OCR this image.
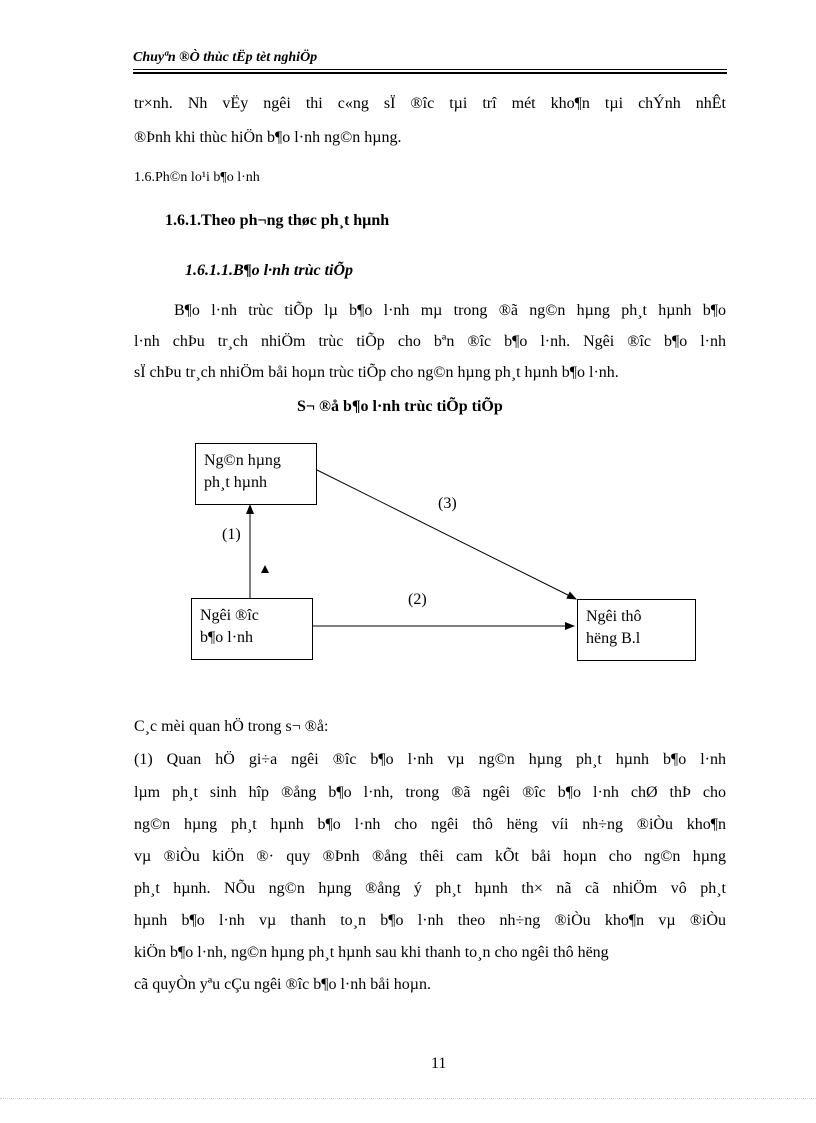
Chuyªn ®Ò thùc tËp tèt nghiÖp
tr×nh. Nh vËy ngêi thi c«ng sÏ ®îc tµi trî mét kho¶n tµi chÝnh nhÊt
®Þnh khi thùc hiÖn b¶o l·nh ng©n hµng.
1.6.Ph©n lo¹i b¶o l·nh
1.6.1.Theo ph¬ng thøc ph¸t hµnh
1.6.1.1.B¶o l·nh trùc tiÕp
B¶o l·nh trùc tiÕp lµ b¶o l·nh mµ trong ®ã ng©n hµng ph¸t hµnh b¶o
l·nh chÞu tr¸ch nhiÖm trùc tiÕp cho bªn ®îc b¶o l·nh. Ngêi ®îc b¶o l·nh
sÏ chÞu tr¸ch nhiÖm båi hoµn trùc tiÕp cho ng©n hµng ph¸t hµnh b¶o l·nh.
S¬ ®å b¶o l·nh trùc tiÕp tiÕp
Ng©n hµng
ph¸t hµnh
Ngêi ®îc
b¶o l·nh
Ngêi thô
hëng B.l
(1)
(2)
(3)
C¸c mèi quan hÖ trong s¬ ®å:
(1) Quan hÖ gi÷a ngêi ®îc b¶o l·nh vµ ng©n hµng ph¸t hµnh b¶o l·nh
lµm ph¸t sinh hîp ®ång b¶o l·nh, trong ®ã ngêi ®îc b¶o l·nh chØ thÞ cho
ng©n hµng ph¸t hµnh b¶o l·nh cho ngêi thô hëng víi nh÷ng ®iÒu kho¶n
vµ ®iÒu kiÖn ®· quy ®Þnh ®ång thêi cam kÕt båi hoµn cho ng©n hµng
ph¸t hµnh. NÕu ng©n hµng ®ång ý ph¸t hµnh th× nã cã nhiÖm vô ph¸t
hµnh b¶o l·nh vµ thanh to¸n b¶o l·nh theo nh÷ng ®iÒu kho¶n vµ ®iÒu
kiÖn b¶o l·nh, ng©n hµng ph¸t hµnh sau khi thanh to¸n cho ngêi thô hëng
cã quyÒn yªu cÇu ngêi ®îc b¶o l·nh båi hoµn.
11
